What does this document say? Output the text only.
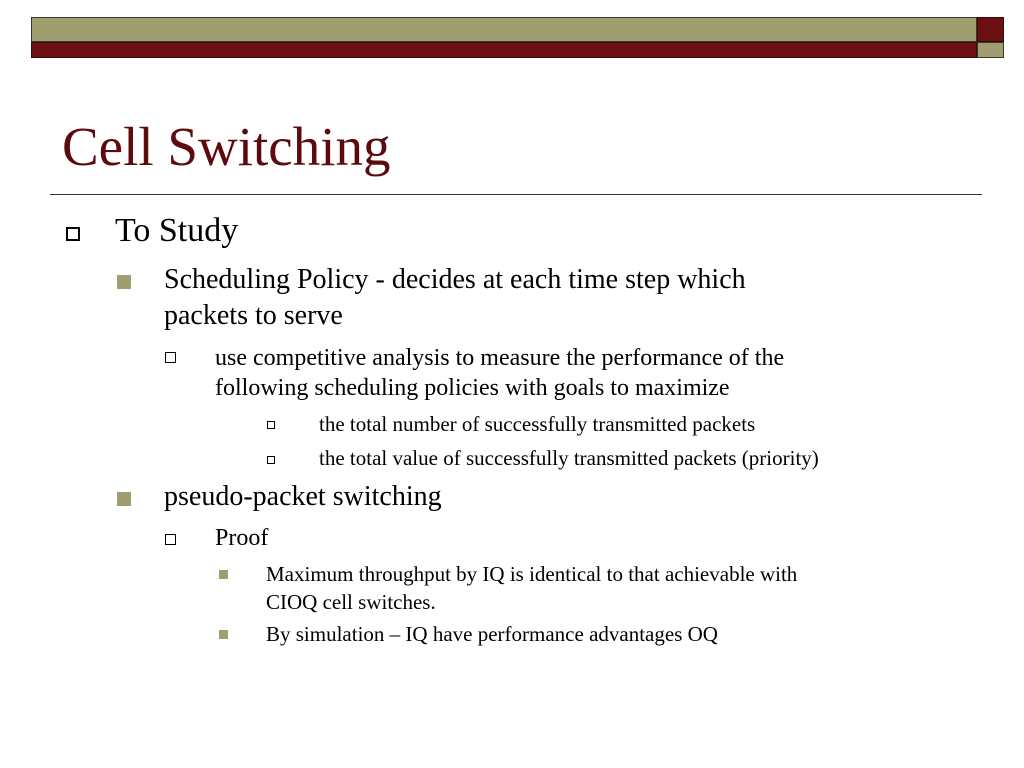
Cell Switching
To Study
Scheduling Policy - decides at each time step which
packets to serve
use competitive analysis to measure the performance of the
following scheduling policies with goals to maximize
the total number of successfully transmitted packets
the total value of successfully transmitted packets (priority)
pseudo-packet switching
Proof
Maximum throughput by IQ is identical to that achievable with
CIOQ cell switches.
By simulation – IQ have performance advantages OQ
